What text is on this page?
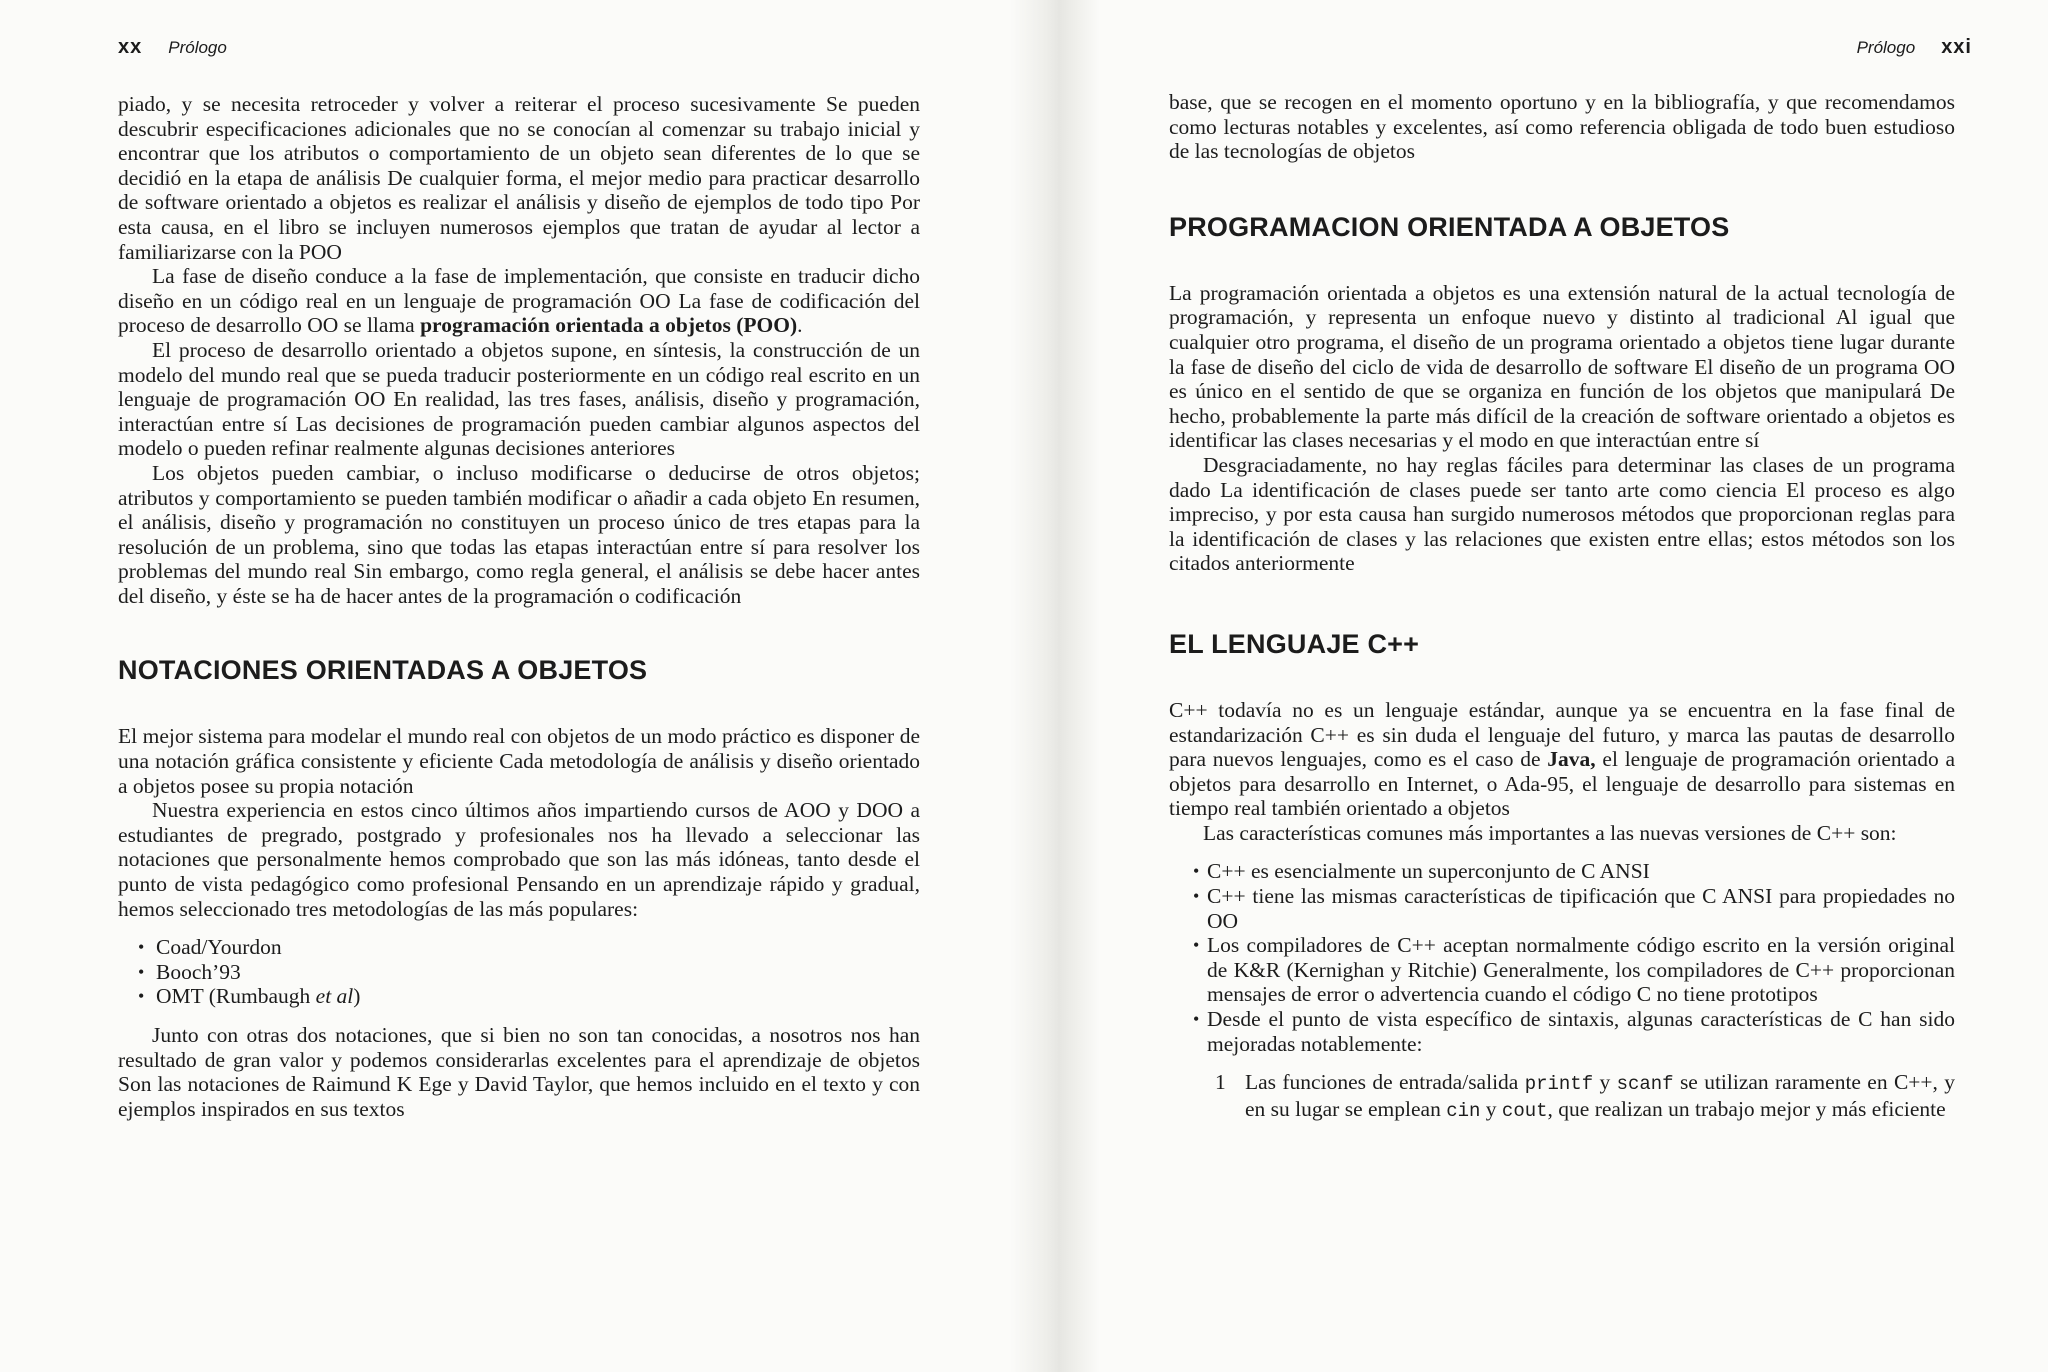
xx Prólogo

piado, y se necesita retroceder y volver a reiterar el proceso sucesivamente Se pueden descubrir especificaciones adicionales que no se conocían al comenzar su trabajo inicial y encontrar que los atributos o comportamiento de un objeto sean diferentes de lo que se decidió en la etapa de análisis De cualquier forma, el mejor medio para practicar desarrollo de software orientado a objetos es realizar el análisis y diseño de ejemplos de todo tipo Por esta causa, en el libro se incluyen numerosos ejemplos que tratan de ayudar al lector a familiarizarse con la POO

La fase de diseño conduce a la fase de implementación, que consiste en traducir dicho diseño en un código real en un lenguaje de programación OO La fase de codificación del proceso de desarrollo OO se llama programación orientada a objetos (POO).

El proceso de desarrollo orientado a objetos supone, en síntesis, la construcción de un modelo del mundo real que se pueda traducir posteriormente en un código real escrito en un lenguaje de programación OO En realidad, las tres fases, análisis, diseño y programación, interactúan entre sí Las decisiones de programación pueden cambiar algunos aspectos del modelo o pueden refinar realmente algunas decisiones anteriores

Los objetos pueden cambiar, o incluso modificarse o deducirse de otros objetos; atributos y comportamiento se pueden también modificar o añadir a cada objeto En resumen, el análisis, diseño y programación no constituyen un proceso único de tres etapas para la resolución de un problema, sino que todas las etapas interactúan entre sí para resolver los problemas del mundo real Sin embargo, como regla general, el análisis se debe hacer antes del diseño, y éste se ha de hacer antes de la programación o codificación

NOTACIONES ORIENTADAS A OBJETOS

El mejor sistema para modelar el mundo real con objetos de un modo práctico es disponer de una notación gráfica consistente y eficiente Cada metodología de análisis y diseño orientado a objetos posee su propia notación

Nuestra experiencia en estos cinco últimos años impartiendo cursos de AOO y DOO a estudiantes de pregrado, postgrado y profesionales nos ha llevado a seleccionar las notaciones que personalmente hemos comprobado que son las más idóneas, tanto desde el punto de vista pedagógico como profesional Pensando en un aprendizaje rápido y gradual, hemos seleccionado tres metodologías de las más populares:

• Coad/Yourdon
• Booch’93
• OMT (Rumbaugh et al)

Junto con otras dos notaciones, que si bien no son tan conocidas, a nosotros nos han resultado de gran valor y podemos considerarlas excelentes para el aprendizaje de objetos Son las notaciones de Raimund K Ege y David Taylor, que hemos incluido en el texto y con ejemplos inspirados en sus textos

Prólogo xxi

base, que se recogen en el momento oportuno y en la bibliografía, y que recomendamos como lecturas notables y excelentes, así como referencia obligada de todo buen estudioso de las tecnologías de objetos

PROGRAMACION ORIENTADA A OBJETOS

La programación orientada a objetos es una extensión natural de la actual tecnología de programación, y representa un enfoque nuevo y distinto al tradicional Al igual que cualquier otro programa, el diseño de un programa orientado a objetos tiene lugar durante la fase de diseño del ciclo de vida de desarrollo de software El diseño de un programa OO es único en el sentido de que se organiza en función de los objetos que manipulará De hecho, probablemente la parte más difícil de la creación de software orientado a objetos es identificar las clases necesarias y el modo en que interactúan entre sí

Desgraciadamente, no hay reglas fáciles para determinar las clases de un programa dado La identificación de clases puede ser tanto arte como ciencia El proceso es algo impreciso, y por esta causa han surgido numerosos métodos que proporcionan reglas para la identificación de clases y las relaciones que existen entre ellas; estos métodos son los citados anteriormente

EL LENGUAJE C++

C++ todavía no es un lenguaje estándar, aunque ya se encuentra en la fase final de estandarización C++ es sin duda el lenguaje del futuro, y marca las pautas de desarrollo para nuevos lenguajes, como es el caso de Java, el lenguaje de programación orientado a objetos para desarrollo en Internet, o Ada-95, el lenguaje de desarrollo para sistemas en tiempo real también orientado a objetos

Las características comunes más importantes a las nuevas versiones de C++ son:

• C++ es esencialmente un superconjunto de C ANSI
• C++ tiene las mismas características de tipificación que C ANSI para propiedades no OO
• Los compiladores de C++ aceptan normalmente código escrito en la versión original de K&R (Kernighan y Ritchie) Generalmente, los compiladores de C++ proporcionan mensajes de error o advertencia cuando el código C no tiene prototipos
• Desde el punto de vista específico de sintaxis, algunas características de C han sido mejoradas notablemente:
1 Las funciones de entrada/salida printf y scanf se utilizan raramente en C++, y en su lugar se emplean cin y cout, que realizan un trabajo mejor y más eficiente
